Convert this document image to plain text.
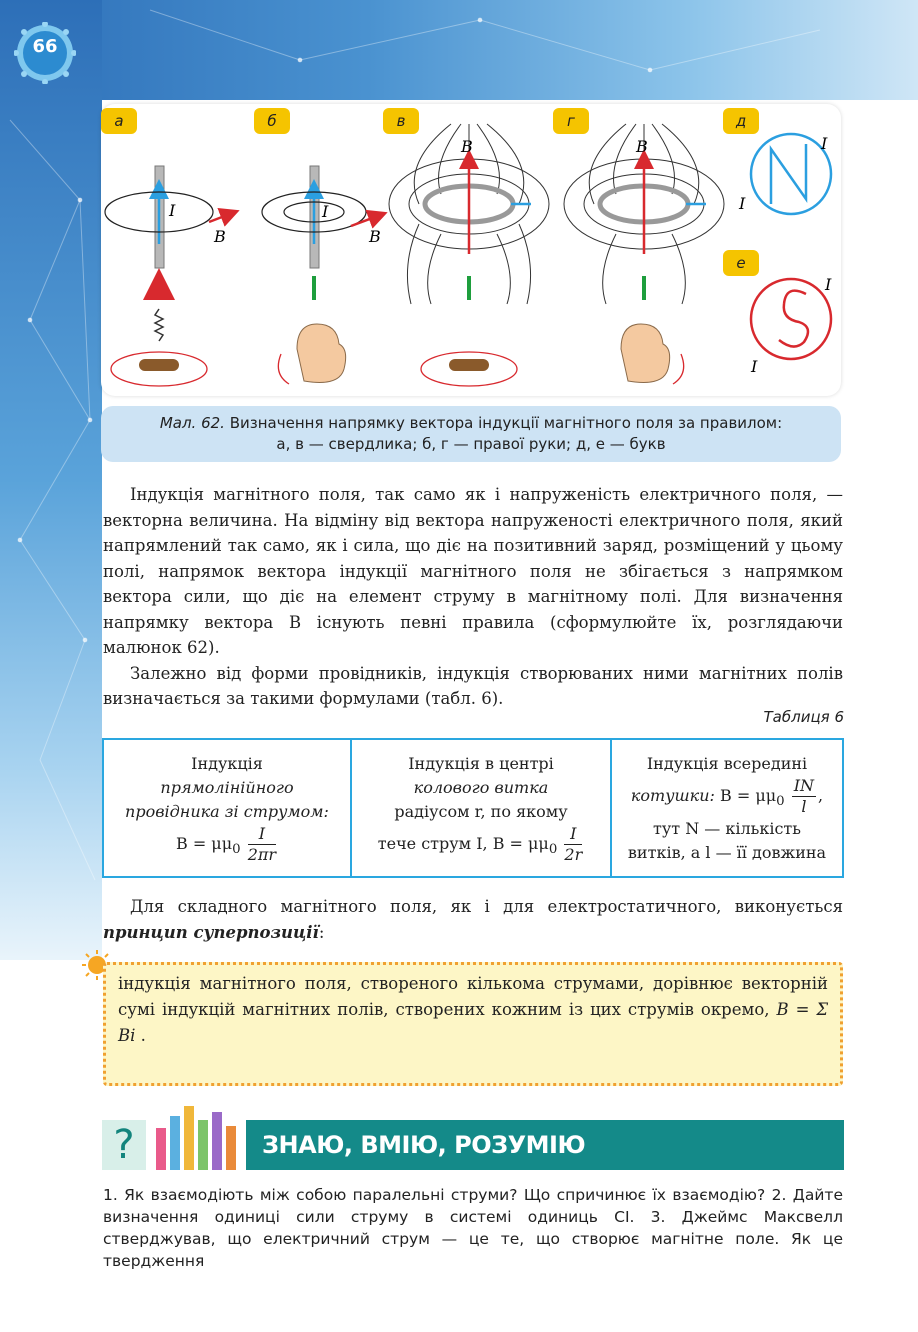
66
I
B
I
B
B	B	I
I
I
I
а	б	в	г	д
е
Мал. 62. Визначення напрямку вектора індукції магнітного поля за правилом:
а, в — свердлика; б, г — правої руки; д, е — букв

Індукція магнітного поля, так само як і напруженість електричного поля, — векторна величина. На відміну від вектора напруженості електричного поля, який напрямлений так само, як і сила, що діє на позитивний заряд, розміщений у цьому полі, напрямок вектора індукції магнітного поля не збігається з напрямком вектора сили, що діє на елемент струму в магнітному полі. Для визначення напрямку вектора B існують певні правила (сформулюйте їх, розглядаючи малюнок 62).

Залежно від форми провідників, індукція створюваних ними магнітних полів визначається за такими формулами (табл. 6).

Таблиця 6
Індукція
прямолінійного
провідника зі струмом:
$B = \mu\mu_0 \frac{I}{2\pi r}$

Індукція в центрі
колового витка
радіусом r, по якому
тече струм I, $B = \mu\mu_0 \frac{I}{2r}$

Індукція всередині
котушки: $B = \mu\mu_0 \frac{IN}{l}$ ,
тут N — кількість
витків, а l — її довжина

Для складного магнітного поля, як і для електростатичного, виконується принцип суперпозиції:

індукція магнітного поля, створеного кількома струмами, дорівнює векторній сумі індукцій магнітних полів, створених кожним із цих струмів окремо, B = Σ Bi .

?	ЗНАЮ, ВМІЮ, РОЗУМІЮ
1. Як взаємодіють між собою паралельні струми? Що спричинює їх взаємодію? 2. Дайте визначення одиниці сили струму в системі одиниць СІ. 3. Джеймс Максвелл стверджував, що електричний струм — це те, що створює магнітне поле. Як це твердження
